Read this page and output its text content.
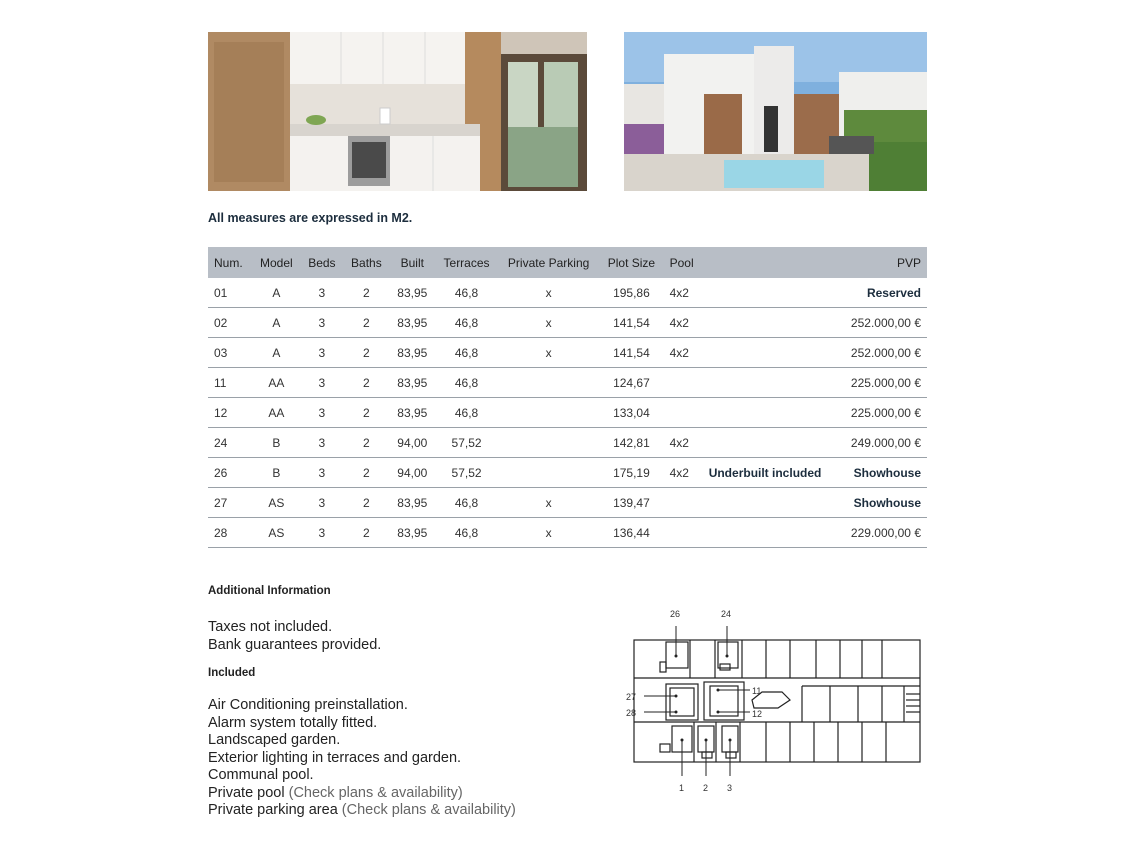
All measures are expressed in M2.
Num.	Model	Beds	Baths	Built	Terraces	Private Parking	Plot Size	Pool		PVP
01	A	3	2	83,95	46,8	x	195,86	4x2		Reserved
02	A	3	2	83,95	46,8	x	141,54	4x2		252.000,00 €
03	A	3	2	83,95	46,8	x	141,54	4x2		252.000,00 €
11	AA	3	2	83,95	46,8		124,67			225.000,00 €
12	AA	3	2	83,95	46,8		133,04			225.000,00 €
24	B	3	2	94,00	57,52		142,81	4x2		249.000,00 €
26	B	3	2	94,00	57,52		175,19	4x2	Underbuilt included	Showhouse
27	AS	3	2	83,95	46,8	x	139,47			Showhouse
28	AS	3	2	83,95	46,8	x	136,44			229.000,00 €
Additional Information
Taxes not included.
Bank guarantees provided.
Included
Air Conditioning preinstallation.
Alarm system totally fitted.
Landscaped garden.
Exterior lighting in terraces and garden.
Communal pool.
Private pool (Check plans & availability)
Private parking area (Check plans & availability)
26	24
27
28
11
12
1 2 3
